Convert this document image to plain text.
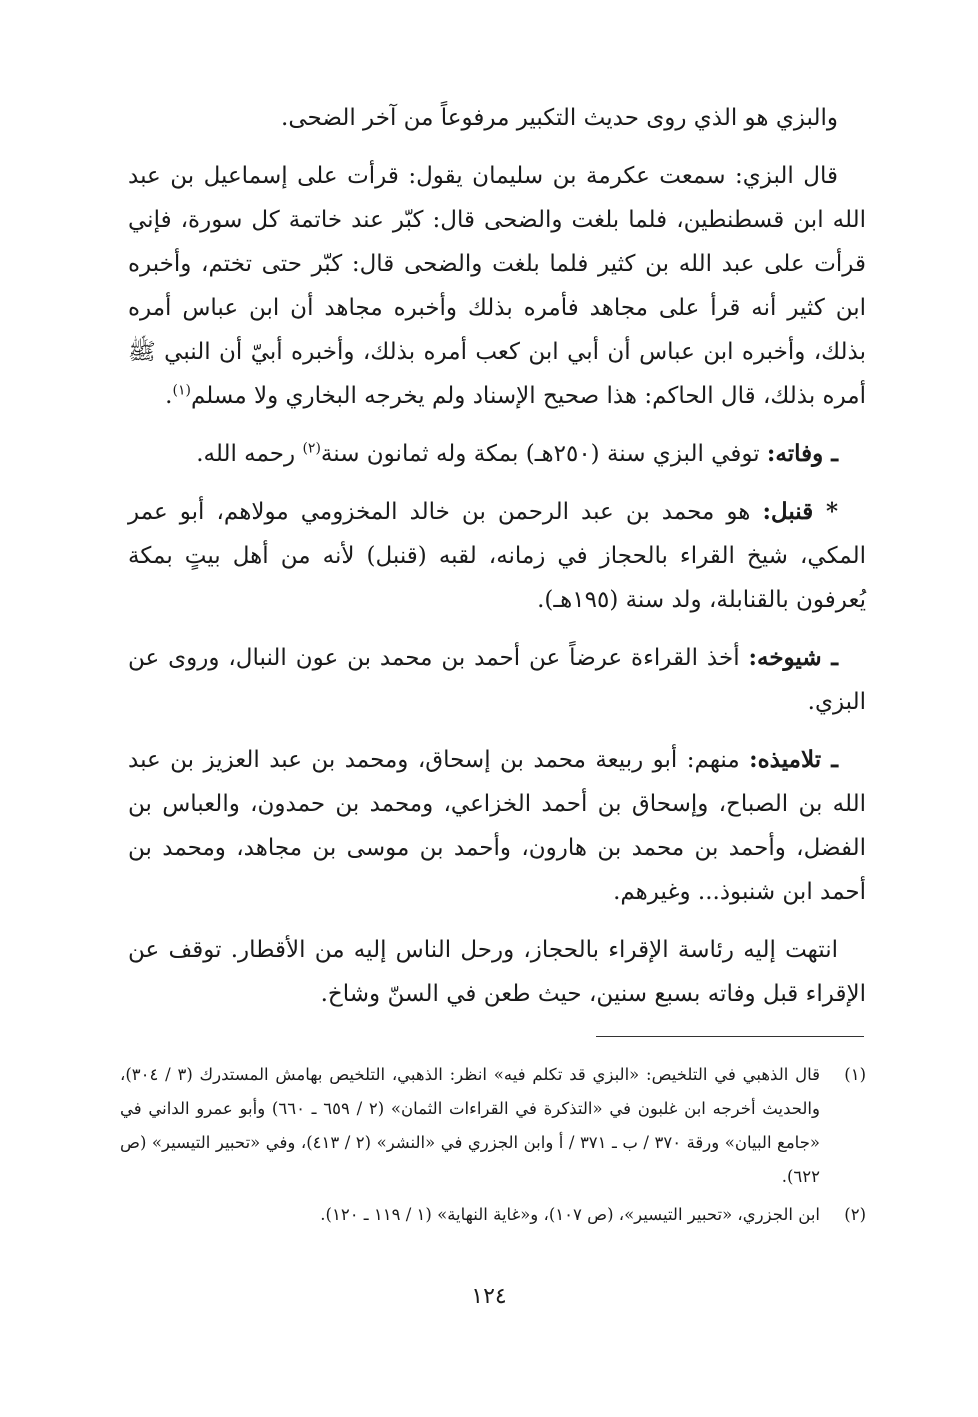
والبزي هو الذي روى حديث التكبير مرفوعاً من آخر الضحى.

قال البزي: سمعت عكرمة بن سليمان يقول: قرأت على إسماعيل بن عبد الله ابن قسطنطين، فلما بلغت والضحى قال: كبّر عند خاتمة كل سورة، فإني قرأت على عبد الله بن كثير فلما بلغت والضحى قال: كبّر حتى تختم، وأخبره ابن كثير أنه قرأ على مجاهد فأمره بذلك وأخبره مجاهد أن ابن عباس أمره بذلك، وأخبره ابن عباس أن أبي ابن كعب أمره بذلك، وأخبره أبيّ أن النبي ﷺ أمره بذلك، قال الحاكم: هذا صحيح الإسناد ولم يخرجه البخاري ولا مسلم$^{(١)}$.

ـ وفاته: توفي البزي سنة (٢٥٠هـ) بمكة وله ثمانون سنة$^{(٢)}$ رحمه الله.

* قنبل: هو محمد بن عبد الرحمن بن خالد المخزومي مولاهم، أبو عمر المكي، شيخ القراء بالحجاز في زمانه، لقبه (قنبل) لأنه من أهل بيتٍ بمكة يُعرفون بالقنابلة، ولد سنة (١٩٥هـ).

ـ شيوخه: أخذ القراءة عرضاً عن أحمد بن محمد بن عون النبال، وروى عن البزي.

ـ تلاميذه: منهم: أبو ربيعة محمد بن إسحاق، ومحمد بن عبد العزيز بن عبد الله بن الصباح، وإسحاق بن أحمد الخزاعي، ومحمد بن حمدون، والعباس بن الفضل، وأحمد بن محمد بن هارون، وأحمد بن موسى بن مجاهد، ومحمد بن أحمد ابن شنبوذ... وغيرهم.

انتهت إليه رئاسة الإقراء بالحجاز، ورحل الناس إليه من الأقطار. توقف عن الإقراء قبل وفاته بسبع سنين، حيث طعن في السنّ وشاخ.

(١)
قال الذهبي في التلخيص: «البزي قد تكلم فيه» انظر: الذهبي، التلخيص بهامش المستدرك (٣ / ٣٠٤)، والحديث أخرجه ابن غلبون في «التذكرة في القراءات الثمان» (٢ / ٦٥٩ ـ ٦٦٠) وأبو عمرو الداني في «جامع البيان» ورقة ٣٧٠ / ب ـ ٣٧١ / أ وابن الجزري في «النشر» (٢ / ٤١٣)، وفي «تحبير التيسير» (ص ٦٢٢).

(٢)
ابن الجزري، «تحبير التيسير»، (ص ١٠٧)، و«غاية النهاية» (١ / ١١٩ ـ ١٢٠).

١٢٤
